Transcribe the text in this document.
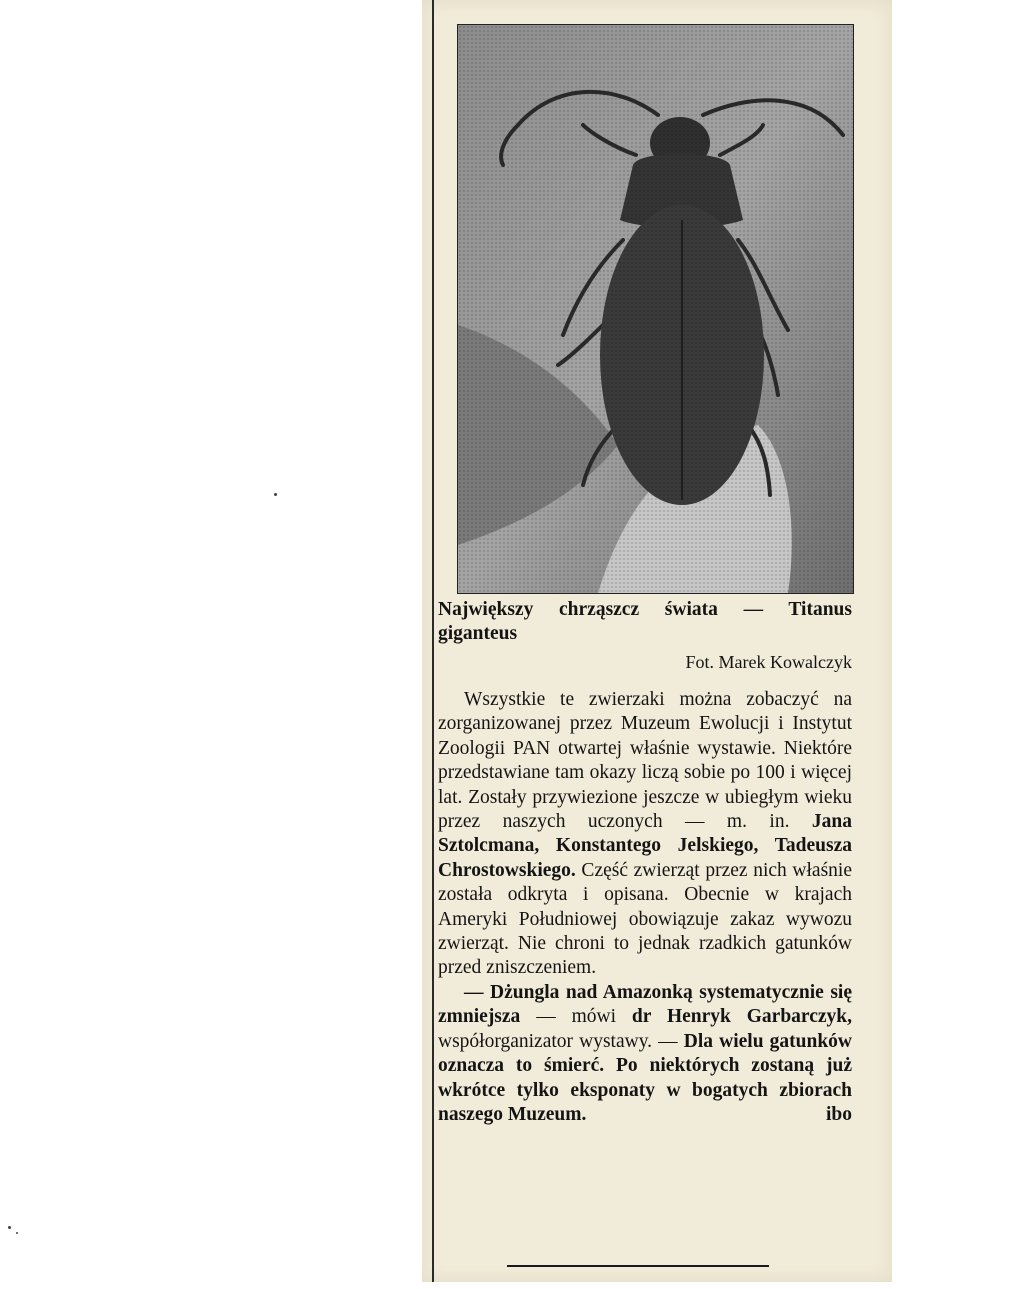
Największy chrząszcz świata — Titanus giganteus

Fot. Marek Kowalczyk

Wszystkie te zwierzaki można zobaczyć na zorganizowanej przez Muzeum Ewolucji i Instytut Zoologii PAN otwartej właśnie wystawie. Niektóre przedstawiane tam okazy liczą sobie po 100 i więcej lat. Zostały przywiezione jeszcze w ubiegłym wieku przez naszych uczonych — m. in. Jana Sztolcmana, Konstantego Jelskiego, Tadeusza Chrostowskiego. Część zwierząt przez nich właśnie została odkryta i opisana. Obecnie w krajach Ameryki Południowej obowiązuje zakaz wywozu zwierząt. Nie chroni to jednak rzadkich gatunków przed zniszczeniem.

— Dżungla nad Amazonką systematycznie się zmniejsza — mówi dr Henryk Garbarczyk, współorganizator wystawy. — Dla wielu gatunków oznacza to śmierć. Po niektórych zostaną już wkrótce tylko eksponaty w bogatych zbiorach naszego Muzeum.	ibo
